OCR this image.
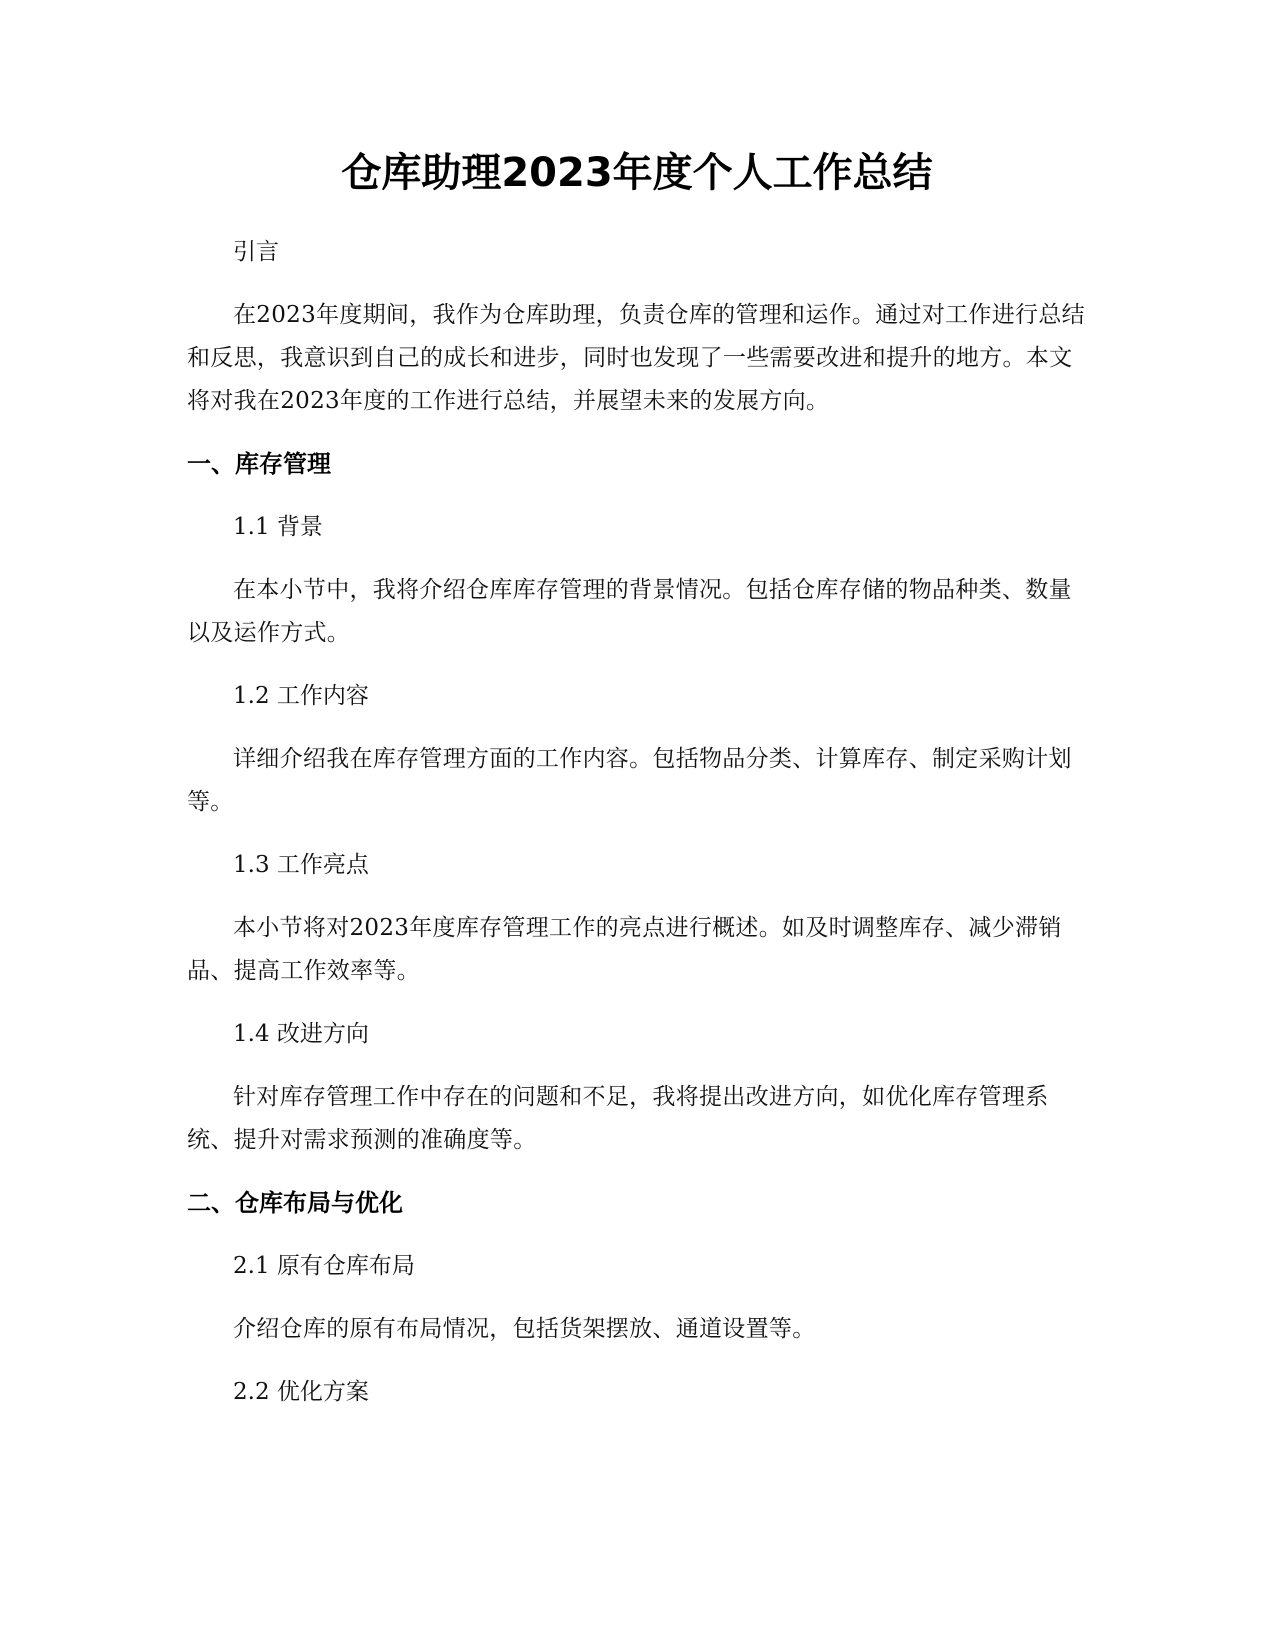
仓库助理2023年度个人工作总结

引言

在2023年度期间，我作为仓库助理，负责仓库的管理和运作。通过对工作进行总结和反思，我意识到自己的成长和进步，同时也发现了一些需要改进和提升的地方。本文将对我在2023年度的工作进行总结，并展望未来的发展方向。

一、库存管理

1.1 背景

在本小节中，我将介绍仓库库存管理的背景情况。包括仓库存储的物品种类、数量以及运作方式。

1.2 工作内容

详细介绍我在库存管理方面的工作内容。包括物品分类、计算库存、制定采购计划等。

1.3 工作亮点

本小节将对2023年度库存管理工作的亮点进行概述。如及时调整库存、减少滞销品、提高工作效率等。

1.4 改进方向

针对库存管理工作中存在的问题和不足，我将提出改进方向，如优化库存管理系统、提升对需求预测的准确度等。

二、仓库布局与优化

2.1 原有仓库布局

介绍仓库的原有布局情况，包括货架摆放、通道设置等。

2.2 优化方案
